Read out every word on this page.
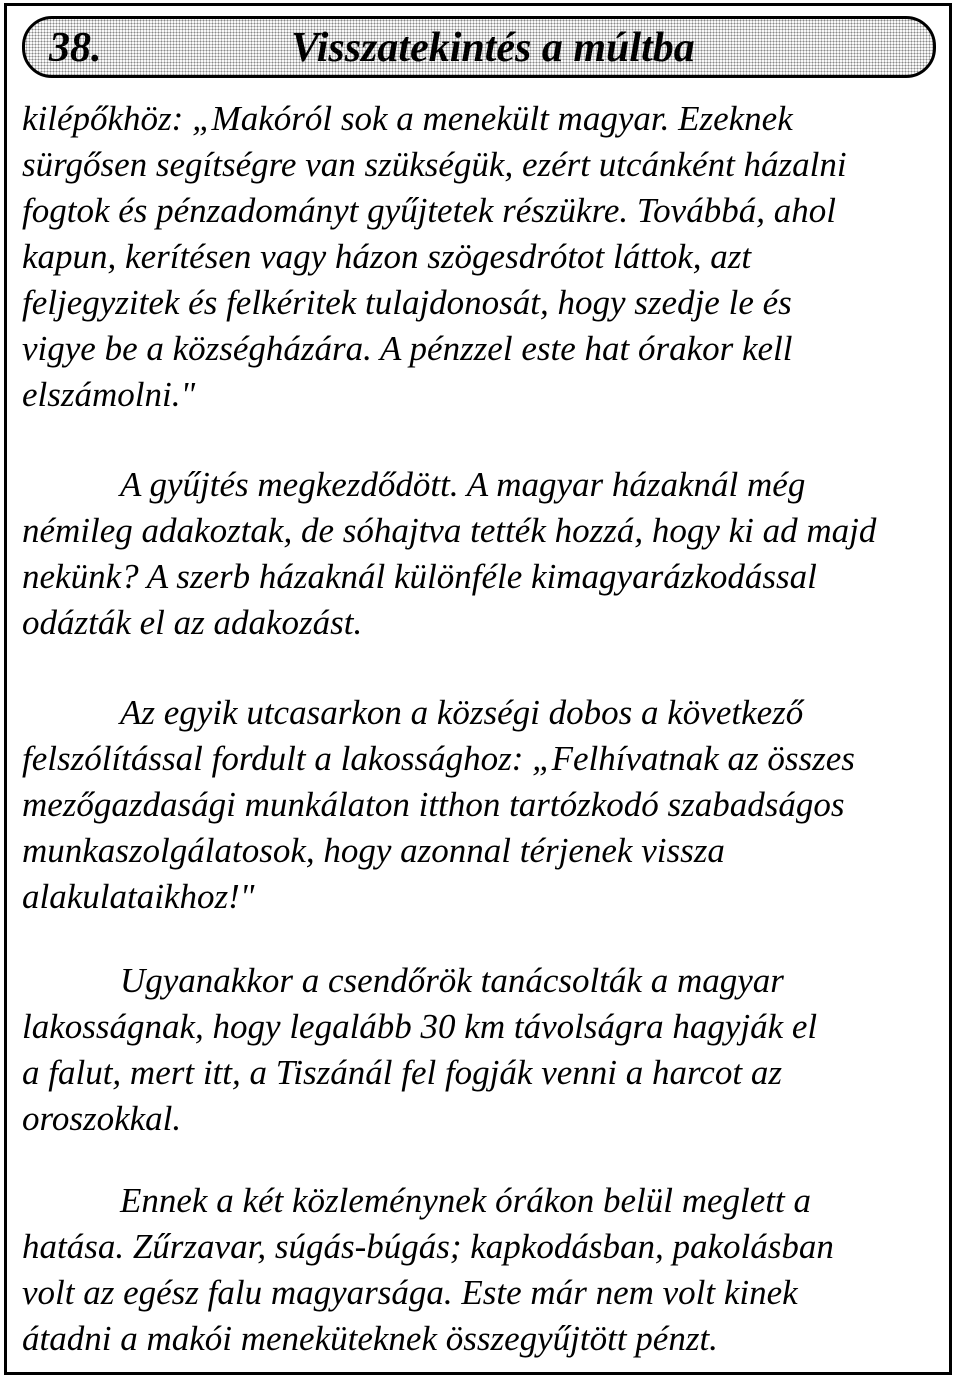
38.	Visszatekintés a múltba
kilépőkhöz: „Makóról sok a menekült magyar. Ezeknek
sürgősen segítségre van szükségük, ezért utcánként házalni
fogtok és pénzadományt gyűjtetek részükre. Továbbá, ahol
kapun, kerítésen vagy házon szögesdrótot láttok, azt
feljegyzitek és felkéritek tulajdonosát, hogy szedje le és
vigye be a községházára. A pénzzel este hat órakor kell
elszámolni."
A gyűjtés megkezdődött. A magyar házaknál még
némileg adakoztak, de sóhajtva tették hozzá, hogy ki ad majd
nekünk? A szerb házaknál különféle kimagyarázkodással
odázták el az adakozást.
Az egyik utcasarkon a községi dobos a következő
felszólítással fordult a lakossághoz: „Felhívatnak az összes
mezőgazdasági munkálaton itthon tartózkodó szabadságos
munkaszolgálatosok, hogy azonnal térjenek vissza
alakulataikhoz!"
Ugyanakkor a csendőrök tanácsolták a magyar
lakosságnak, hogy legalább 30 km távolságra hagyják el
a falut, mert itt, a Tiszánál fel fogják venni a harcot az
oroszokkal.
Ennek a két közleménynek órákon belül meglett a
hatása. Zűrzavar, súgás-búgás; kapkodásban, pakolásban
volt az egész falu magyarsága. Este már nem volt kinek
átadni a makói meneküteknek összegyűjtött pénzt.
